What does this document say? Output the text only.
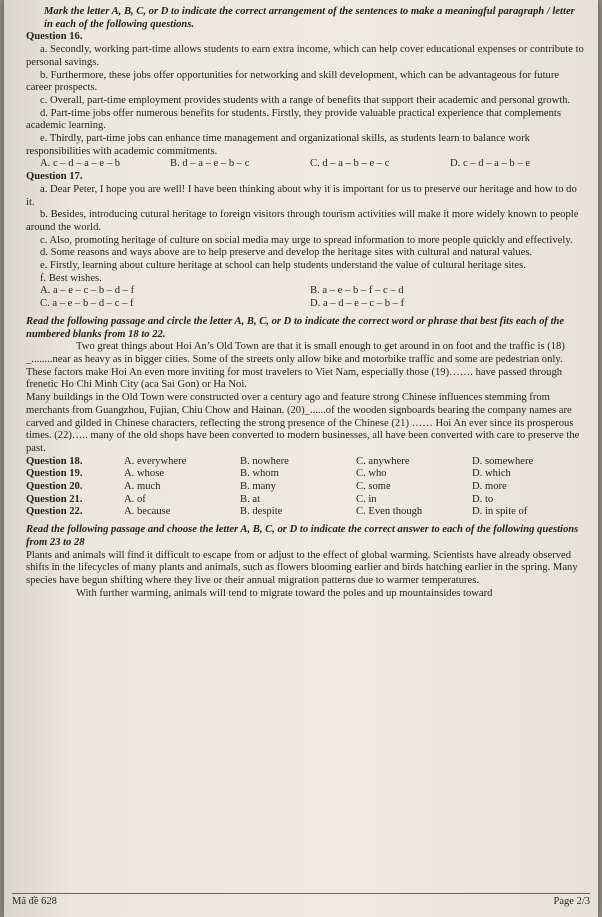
Mark the letter A, B, C, or D to indicate the correct arrangement of the sentences to make a meaningful paragraph / letter in each of the following questions.

Question 16.

a. Secondly, working part-time allows students to earn extra income, which can help cover educational expenses or contribute to personal savings.

b. Furthermore, these jobs offer opportunities for networking and skill development, which can be advantageous for future career prospects.

c. Overall, part-time employment provides students with a range of benefits that support their academic and personal growth.

d. Part-time jobs offer numerous benefits for students. Firstly, they provide valuable practical experience that complements academic learning.

e. Thirdly, part-time jobs can enhance time management and organizational skills, as students learn to balance work responsibilities with academic commitments.

A. c – d – a – e – b	B. d – a – e – b – c	C. d – a – b – e – c	D. c – d – a – b – e

Question 17.

a. Dear Peter, I hope you are well! I have been thinking about why it is important for us to preserve our heritage and how to do it.

b. Besides, introducing cutural heritage to foreign visitors through tourism activities will make it more widely known to people around the world.

c. Also, promoting heritage of culture on social media may urge to spread information to more people quickly and effectively.

d. Some reasons and ways above are to help preserve and develop the heritage sites with cultural and natural values.

e. Firstly, learning about culture heritage at school can help students understand the value of cultural heritage sites.

f. Best wishes.

A. a – e – c – b – d – f	B. a – e – b – f – c – d
C. a – e – b – d – c – f	D. a – d – e – c – b – f

Read the following passage and circle the letter A, B, C, or D to indicate the correct word or phrase that best fits each of the numbered blanks from 18 to 22.

Two great things about Hoi An’s Old Town are that it is small enough to get around in on foot and the traffic is (18) _........near as heavy as in bigger cities. Some of the streets only allow bike and motorbike traffic and some are pedestrian only. These factors make Hoi An even more inviting for most travelers to Viet Nam, especially those (19)……. have passed through frenetic Ho Chi Minh City (aca Sai Gon) or Ha Noi.

Many buildings in the Old Town were constructed over a century ago and feature strong Chinese influences stemming from merchants from Guangzhou, Fujian, Chiu Chow and Hainan. (20)_......of the wooden signboards bearing the company names are carved and gilded in Chinese characters, reflecting the strong presence of the Chinese (21) …… Hoi An ever since its prosperous times. (22)….. many of the old shops have been converted to modern businesses, all have been converted with care to preserve the past.

Question 18.	A. everywhere	B. nowhere	C. anywhere	D. somewhere
Question 19.	A. whose	B. whom	C. who	D. which
Question 20.	A. much	B. many	C. some	D. more
Question 21.	A. of	B. at	C. in	D. to
Question 22.	A. because	B. despite	C. Even though	D. in spite of

Read the following passage and choose the letter A, B, C, or D to indicate the correct answer to each of the following questions from 23 to 28

Plants and animals will find it difficult to escape from or adjust to the effect of global warming. Scientists have already observed shifts in the lifecycles of many plants and animals, such as flowers blooming earlier and birds hatching earlier in the spring. Many species have begun shifting where they live or their annual migration patterns due to warmer temperatures.

With further warming, animals will tend to migrate toward the poles and up mountainsides toward

Mã đề 628	Page 2/3
